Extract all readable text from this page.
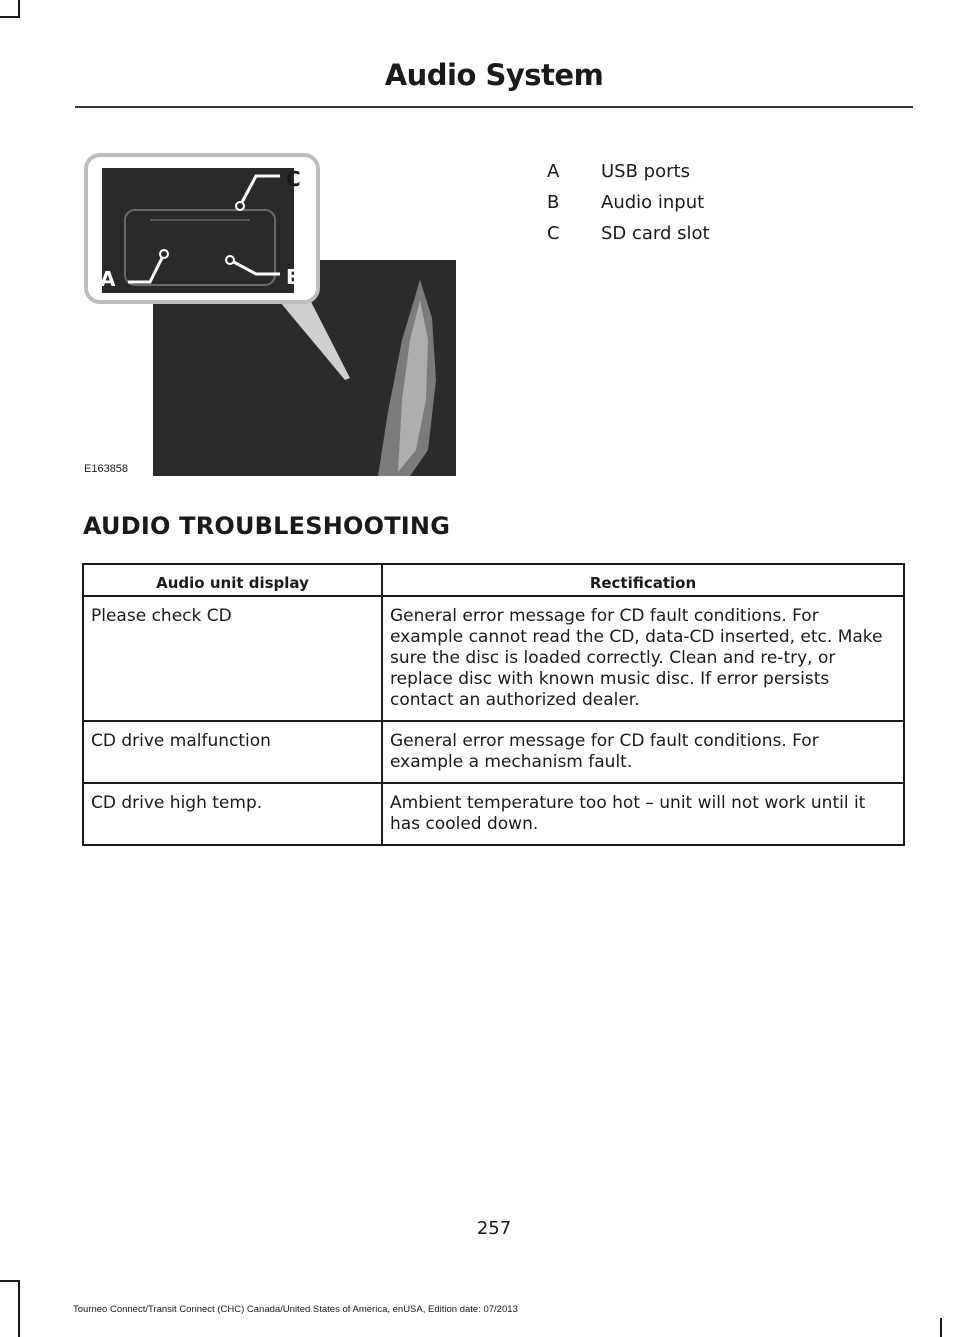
Audio System
A	B
C
E163858
A	USB ports
B	Audio input
C	SD card slot
AUDIO TROUBLESHOOTING
Audio unit display	Rectification
Please check CD	General error message for CD fault conditions. For example cannot read the CD, data-CD inserted, etc. Make sure the disc is loaded correctly. Clean and re-try, or replace disc with known music disc. If error persists contact an authorized dealer.
CD drive malfunction	General error message for CD fault conditions. For example a mechanism fault.
CD drive high temp.	Ambient temperature too hot – unit will not work until it has cooled down.
257
Tourneo Connect/Transit Connect (CHC) Canada/United States of America, enUSA, Edition date: 07/2013
